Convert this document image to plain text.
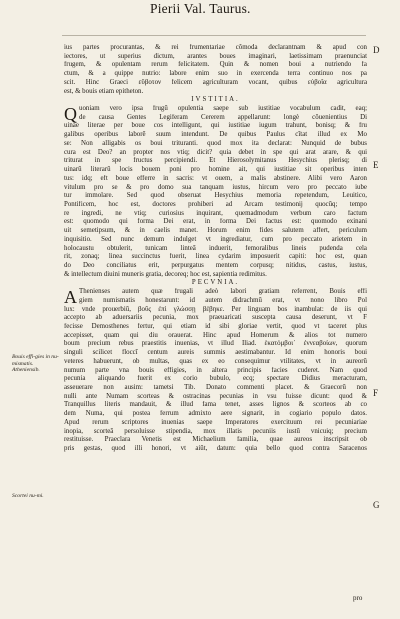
Pierii Val. Taurus.
D
E
F
G
Bouis effi-gies in nu-mismatis. Atheniensib.
Scortei nu-mi.
ius partes procurantas, & rei frumentariae cõmoda declarantnam & apud con
iectores, ut superius dictum, arantes boues imaginari, laetissimam praenunciat
frugem, & opulentam rerum felicitatem. Quin & nomen boui a nutriendo fa
ctum, & a quippe nutrio: labore enim suo in exercenda terra continuo nos pa
scit. Hinc Graeci εὔβοτον felicem agriculturam vocant, quibus εὐβοΐα agricultura
est, & bouis etiam epitheton.
IVSTITIA.
Q uoniam vero ipsa frugū opulentia saepe sub iustitiae vocabulum cadit, eaq;
de causa Gentes Legiferam Cererem appellarunt: longè cõuenientius Di
uinae literae per boue cos intelligunt, qui iustitiae iugum trahunt, bonisq; & fru
galibus operibus laborē suum intendunt. De quibus Paulus cītat illud ex Mo
se: Non alligabis os boui trituranti. quod mox ita declarat: Nunquid de bubus
cura est Deo? an propter nos vtiq; dicit? quia debet in spe qui arat arare, & qui
triturat in spe fructus percipiendi. Et Hierosolymitanus Hesychius plerisq; di
uinarū literarū locis bouem poni pro homine ait, qui iustitiae sit operibus inten
tus: idq; eft boue efferre in sacris: vt ouem, a malis abstinere. Alibi vero Aaron
vitulum pro se & pro domo sua tanquam iustus, hircum vero pro peccato iube
tur immolare. Sed quod obseruat Hesychius memoria repetendum, Leuitico,
Pontificem, hoc est, doctores prohiberi ad Arcam testimonij quocūq; tempo
re ingredi, ne vtiq; curiosius inquirant, quemadmodum verbum caro factum
est: quomodo qui forma Dei erat, in forma Dei factus est: quomodo exinani
uit semetipsum, & in caelis manet. Horum enim fides salutem affert, periculum
inquisitio. Sed nunc demum indulget vt ingrediatur, cum pro peccato arietem in
holocaustu obtulerit, tunicam linteā induerit, femoralibus lineis pudenda cela
rit, zonaq; linea succinctus fuerit, linea cydarim imposuerit capiti: hoc est, quan
do Deo conciliatus erit, perpurgatus mentem corpusq; nitidus, castus, iustus,
& intellectum diuini muneris gratia, decoreq; hoc est, sapientia redimitus.
PECVNIA.
A Thenienses autem quæ frugali adeò labori gratiam referrent, Bouis effi
giem numismatis honestarunt: id autem didrachmū erat, vt nono libro Pol
lux: vnde prouerbiū, βοῦς ἐπὶ γλώσσῃ βέβηκε. Per linguam bos inambulat: de iis qui
accepto ab aduersariis pecunia, mox praeuaricati suscepta causa deserunt, vt F
fecisse Demosthenes fertur, qui etiam id sibi gloriae vertit, quod vt taceret plus
accepisset, quam qui diu orauerat. Hinc apud Homerum & alios tot numero
boum precium rebus praestitis inuenias, vt illud Iliad. ἑκατόμβοι᾽ ἐννεαβοίων, quorum
singuli scilicet floccī centum aureis summis aestimabantur. Id enim honoris boui
veteres habuerunt, ob multas, quas ex eo consequimur vtilitates, vt in aureorū
numum parte vna bouis effigies, in altera principis facies cuderet. Nam quod
pecunia aliquando fuerit ex corio bubulo, ecq; spectare Didius meracturam,
asseuerare non ausim: tametsi Tib. Donato commenti placet. & Graecorū non
nulli ante Numam scorteas & ostracinas pecunias in vsu fuisse dicunt: quod &
Tranquillus literis mandauit, & illud fama tenet, asses lignos & scorteos ab co
dem Numa, qui postea ferrum admixto aere signarit, in cogiario populo datos.
Apud rerum scriptores inuenias saepe Imperatores exercituum rei pecuniariae
inopia, scorteā persoluisse stipendia, mox illatis pecuniis iustū vnicuiq; precium
restituisse. Praeclara Venetis est Michaelium familia, quae aureos inscripsit ob
pris gestas, quod illi honori, vt aiūt, datum: quia bello quod contra Saracenos
pro
